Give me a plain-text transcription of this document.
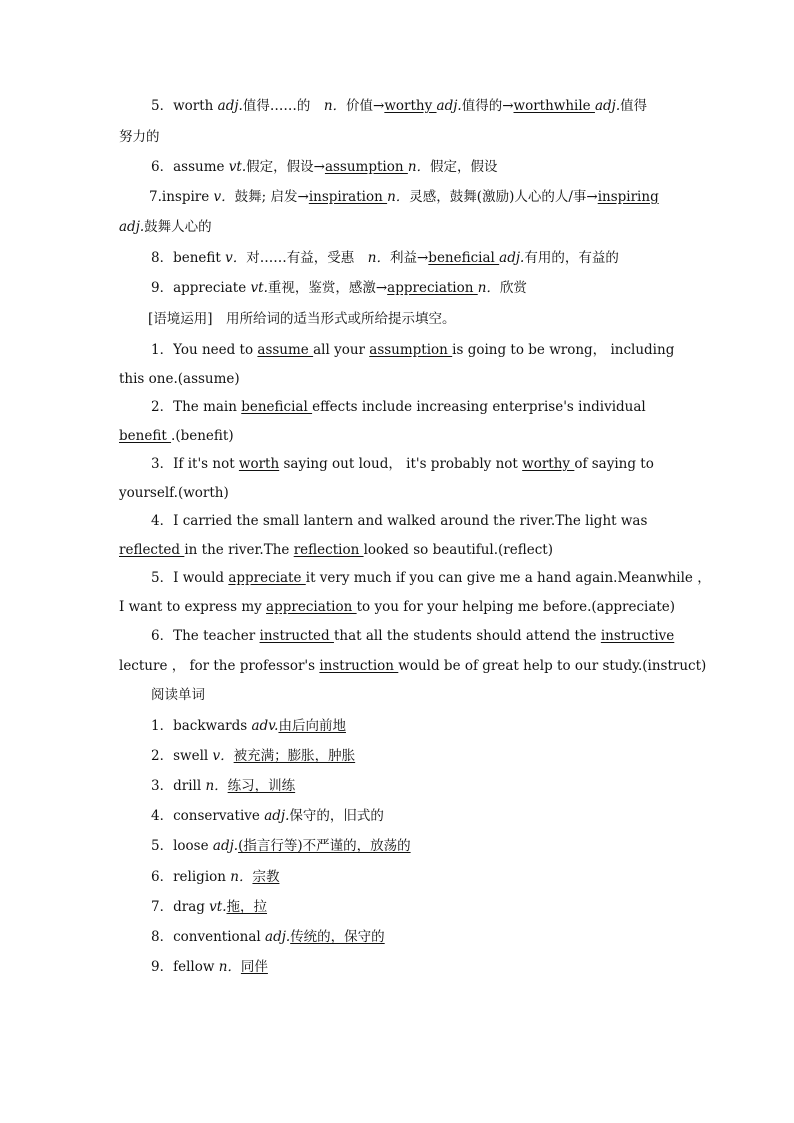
5．worth adj.值得……的　n．价值→worthy adj.值得的→worthwhile adj.值得
努力的
6．assume vt.假定，假设→assumption n．假定，假设
7.inspire v．鼓舞; 启发→inspiration n．灵感，鼓舞(激励)人心的人/事→inspiring
adj.鼓舞人心的
8．benefit v．对……有益，受惠　n．利益→beneficial adj.有用的，有益的
9．appreciate vt.重视，鉴赏，感激→appreciation n．欣赏
[语境运用]　用所给词的适当形式或所给提示填空。
1．You need to assume all your assumption is going to be wrong， including
this one.(assume)
2．The main beneficial effects include increasing enterprise's individual
benefit .(benefit)
3．If it's not worth saying out loud， it's probably not worthy of saying to
yourself.(worth)
4．I carried the small lantern and walked around the river.The light was
reflected in the river.The reflection looked so beautiful.(reflect)
5．I would appreciate it very much if you can give me a hand again.Meanwhile ，
I want to express my appreciation to you for your helping me before.(appreciate)
6．The teacher instructed that all the students should attend the instructive
lecture ， for the professor's instruction would be of great help to our study.(instruct)
阅读单词
1．backwards adv.由后向前地
2．swell v．被充满；膨胀，肿胀
3．drill n．练习，训练
4．conservative adj.保守的，旧式的
5．loose adj.(指言行等)不严谨的，放荡的
6．religion n．宗教
7．drag vt.拖，拉
8．conventional adj.传统的，保守的
9．fellow n．同伴
